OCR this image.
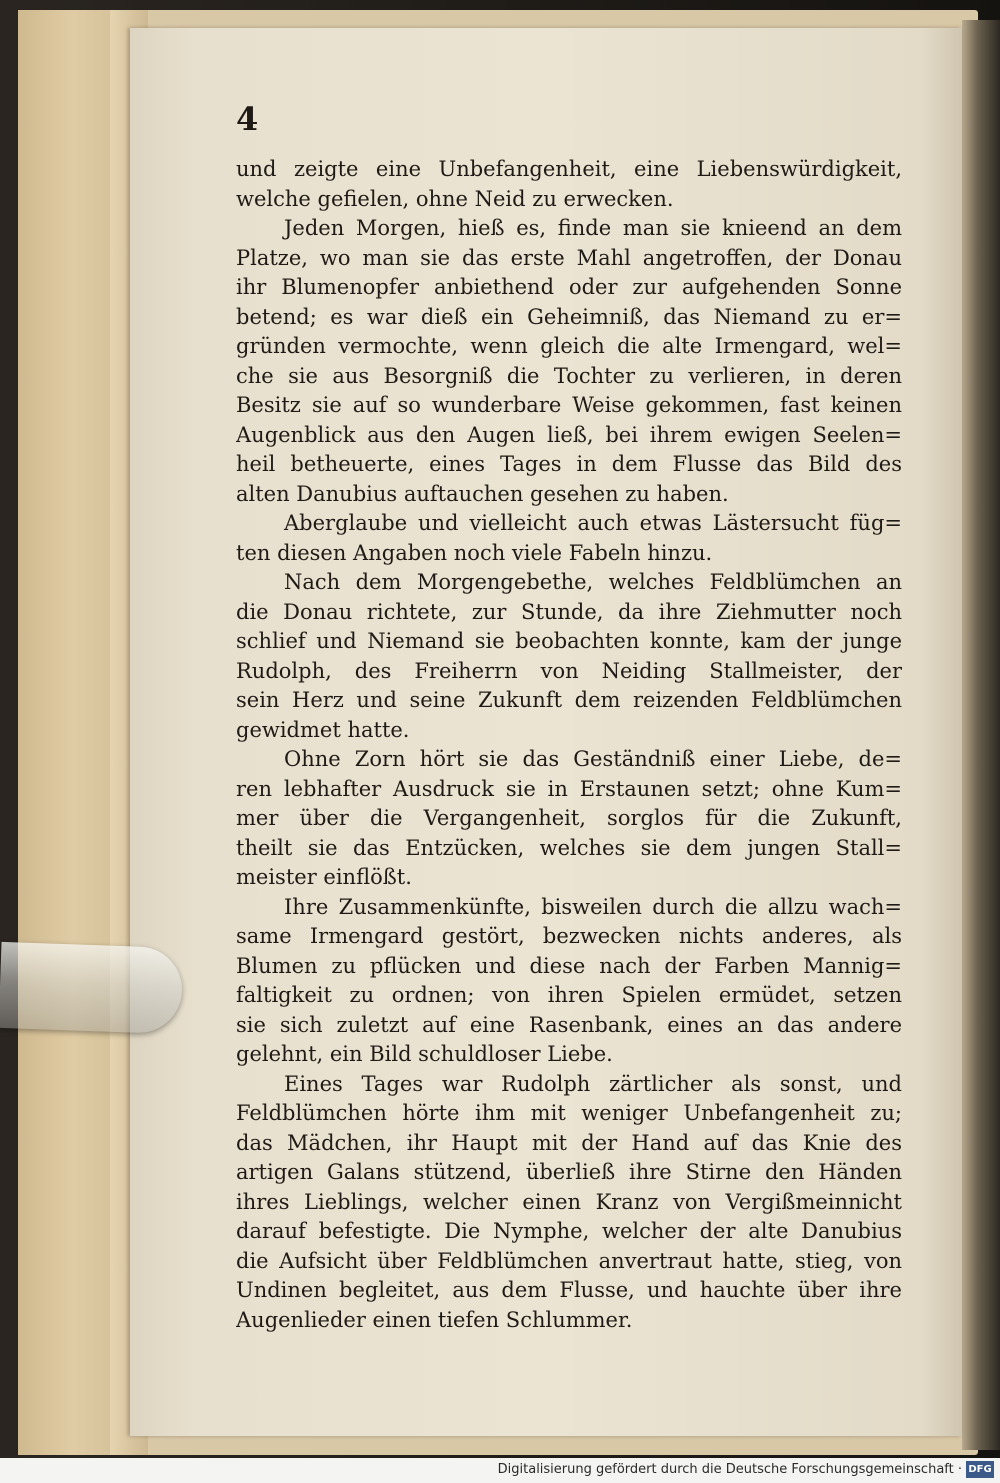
4
und zeigte eine Unbefangenheit, eine Liebenswürdigkeit,
welche gefielen, ohne Neid zu erwecken.
Jeden Morgen, hieß es, finde man sie knieend an dem
Platze, wo man sie das erste Mahl angetroffen, der Donau
ihr Blumenopfer anbiethend oder zur aufgehenden Sonne
betend; es war dieß ein Geheimniß, das Niemand zu er=
gründen vermochte, wenn gleich die alte Irmengard, wel=
che sie aus Besorgniß die Tochter zu verlieren, in deren
Besitz sie auf so wunderbare Weise gekommen, fast keinen
Augenblick aus den Augen ließ, bei ihrem ewigen Seelen=
heil betheuerte, eines Tages in dem Flusse das Bild des
alten Danubius auftauchen gesehen zu haben.
Aberglaube und vielleicht auch etwas Lästersucht füg=
ten diesen Angaben noch viele Fabeln hinzu.
Nach dem Morgengebethe, welches Feldblümchen an
die Donau richtete, zur Stunde, da ihre Ziehmutter noch
schlief und Niemand sie beobachten konnte, kam der junge
Rudolph, des Freiherrn von Neiding Stallmeister, der
sein Herz und seine Zukunft dem reizenden Feldblümchen
gewidmet hatte.
Ohne Zorn hört sie das Geständniß einer Liebe, de=
ren lebhafter Ausdruck sie in Erstaunen setzt; ohne Kum=
mer über die Vergangenheit, sorglos für die Zukunft,
theilt sie das Entzücken, welches sie dem jungen Stall=
meister einflößt.
Ihre Zusammenkünfte, bisweilen durch die allzu wach=
same Irmengard gestört, bezwecken nichts anderes, als
Blumen zu pflücken und diese nach der Farben Mannig=
faltigkeit zu ordnen; von ihren Spielen ermüdet, setzen
sie sich zuletzt auf eine Rasenbank, eines an das andere
gelehnt, ein Bild schuldloser Liebe.
Eines Tages war Rudolph zärtlicher als sonst, und
Feldblümchen hörte ihm mit weniger Unbefangenheit zu;
das Mädchen, ihr Haupt mit der Hand auf das Knie des
artigen Galans stützend, überließ ihre Stirne den Händen
ihres Lieblings, welcher einen Kranz von Vergißmeinnicht
darauf befestigte. Die Nymphe, welcher der alte Danubius
die Aufsicht über Feldblümchen anvertraut hatte, stieg, von
Undinen begleitet, aus dem Flusse, und hauchte über ihre
Augenlieder einen tiefen Schlummer.
Digitalisierung gefördert durch die Deutsche Forschungsgemeinschaft · DFG
